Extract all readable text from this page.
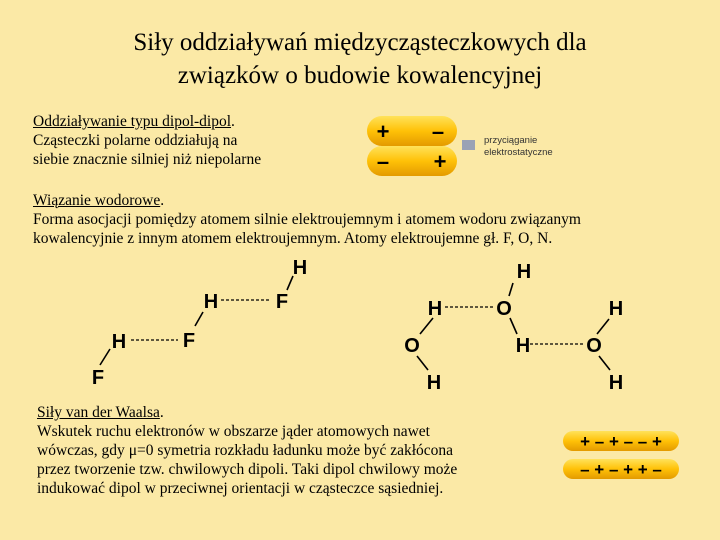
Siły oddziaływań międzycząsteczkowych dla
związków o budowie kowalencyjnej
Oddziaływanie typu dipol-dipol.
Cząsteczki polarne oddziałują na
siebie znacznie silniej niż niepolarne
Wiązanie wodorowe.
Forma asocjacji pomiędzy atomem silnie elektroujemnym i atomem wodoru związanym
kowalencyjnie z innym atomem elektroujemnym. Atomy elektroujemne gł. F, O, N.
Siły van der Waalsa.
Wskutek ruchu elektronów w obszarze jąder atomowych nawet
wówczas, gdy μ=0 symetria rozkładu ładunku może być zakłócona
przez tworzenie tzw. chwilowych dipoli. Taki dipol chwilowy może
indukować dipol w przeciwnej orientacji w cząsteczce sąsiedniej.
+ –
– +
przyciąganie
elektrostatyczne
H
H	F
H	F
F
H
H	O	H
O	H	O
H	H
+ – + – – +
– + – + + –
